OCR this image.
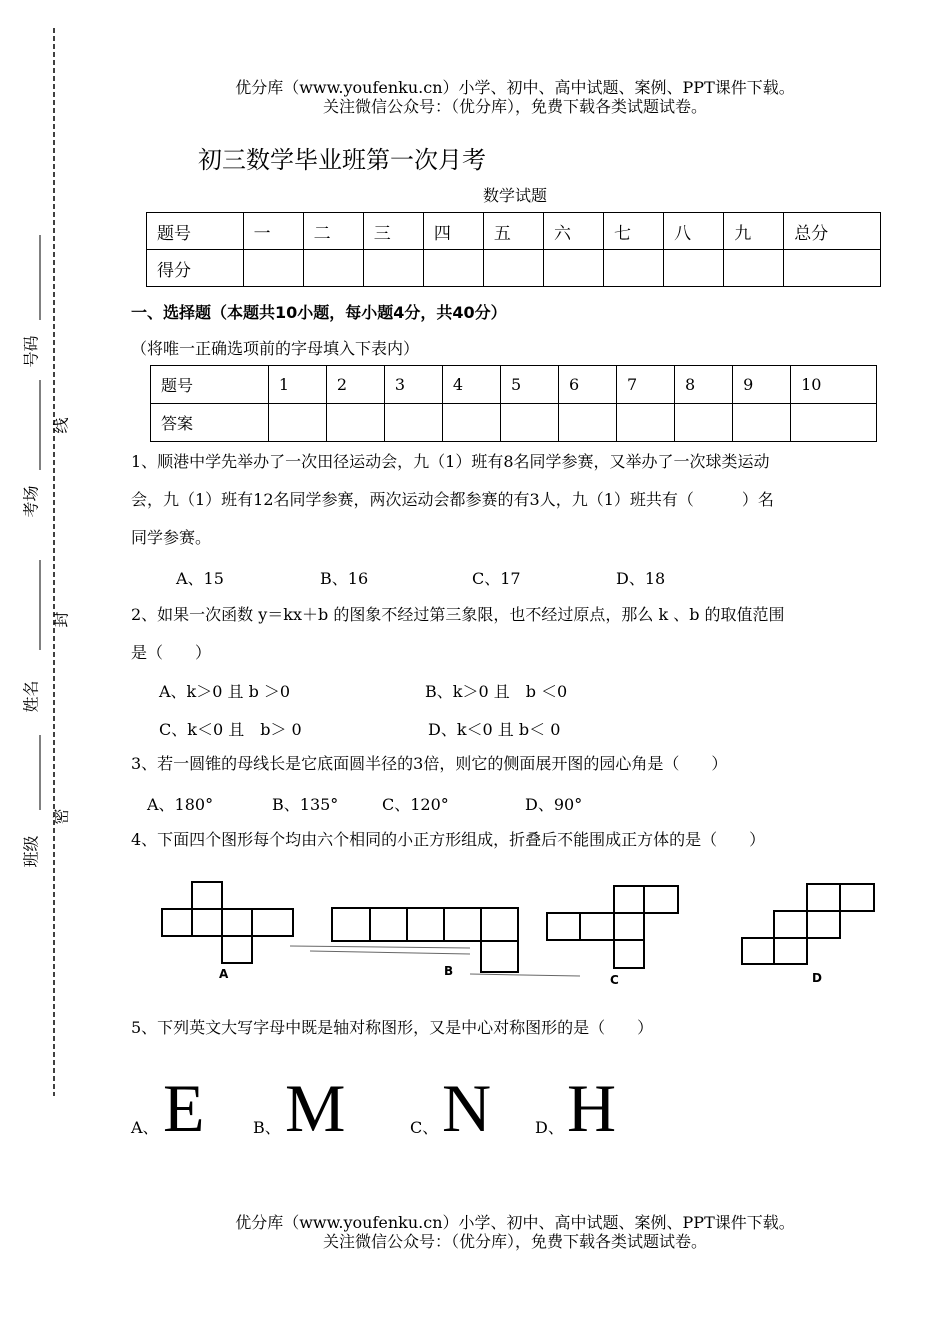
号码
考场
姓名
班级
线
封
密
优分库（www.youfenku.cn）小学、初中、高中试题、案例、PPT课件下载。
关注微信公众号：（优分库），免费下载各类试题试卷。
初三数学毕业班第一次月考
数学试题
题号	一	二	三	四	五	六	七	八	九	总分
得分										
一、选择题（本题共10小题，每小题4分，共40分）
（将唯一正确选项前的字母填入下表内）
题号	1	2	3	4	5	6	7	8	9	10
答案										
1、顺港中学先举办了一次田径运动会，九（1）班有8名同学参赛，又举办了一次球类运动
会，九（1）班有12名同学参赛，两次运动会都参赛的有3人，九（1）班共有（　　　）名
同学参赛。
A、15	B、16	C、17	D、18
2、如果一次函数 y＝kx＋b 的图象不经过第三象限，也不经过原点，那么 k 、b 的取值范围
是（　　）
A、k＞0 且 b ＞0	B、k＞0 且　b ＜0
C、k＜0 且　b＞ 0	D、k＜0 且 b＜ 0
3、若一圆锥的母线长是它底面圆半径的3倍，则它的侧面展开图的园心角是（　　）
A、180°	B、135°	C、120°	D、90°
4、下面四个图形每个均由六个相同的小正方形组成，折叠后不能围成正方体的是（　　）
A	B
C	D
5、下列英文大写字母中既是轴对称图形，又是中心对称图形的是（　　）
A、 E	B、 M	C、 N	D、 H
优分库（www.youfenku.cn）小学、初中、高中试题、案例、PPT课件下载。
关注微信公众号：（优分库），免费下载各类试题试卷。
